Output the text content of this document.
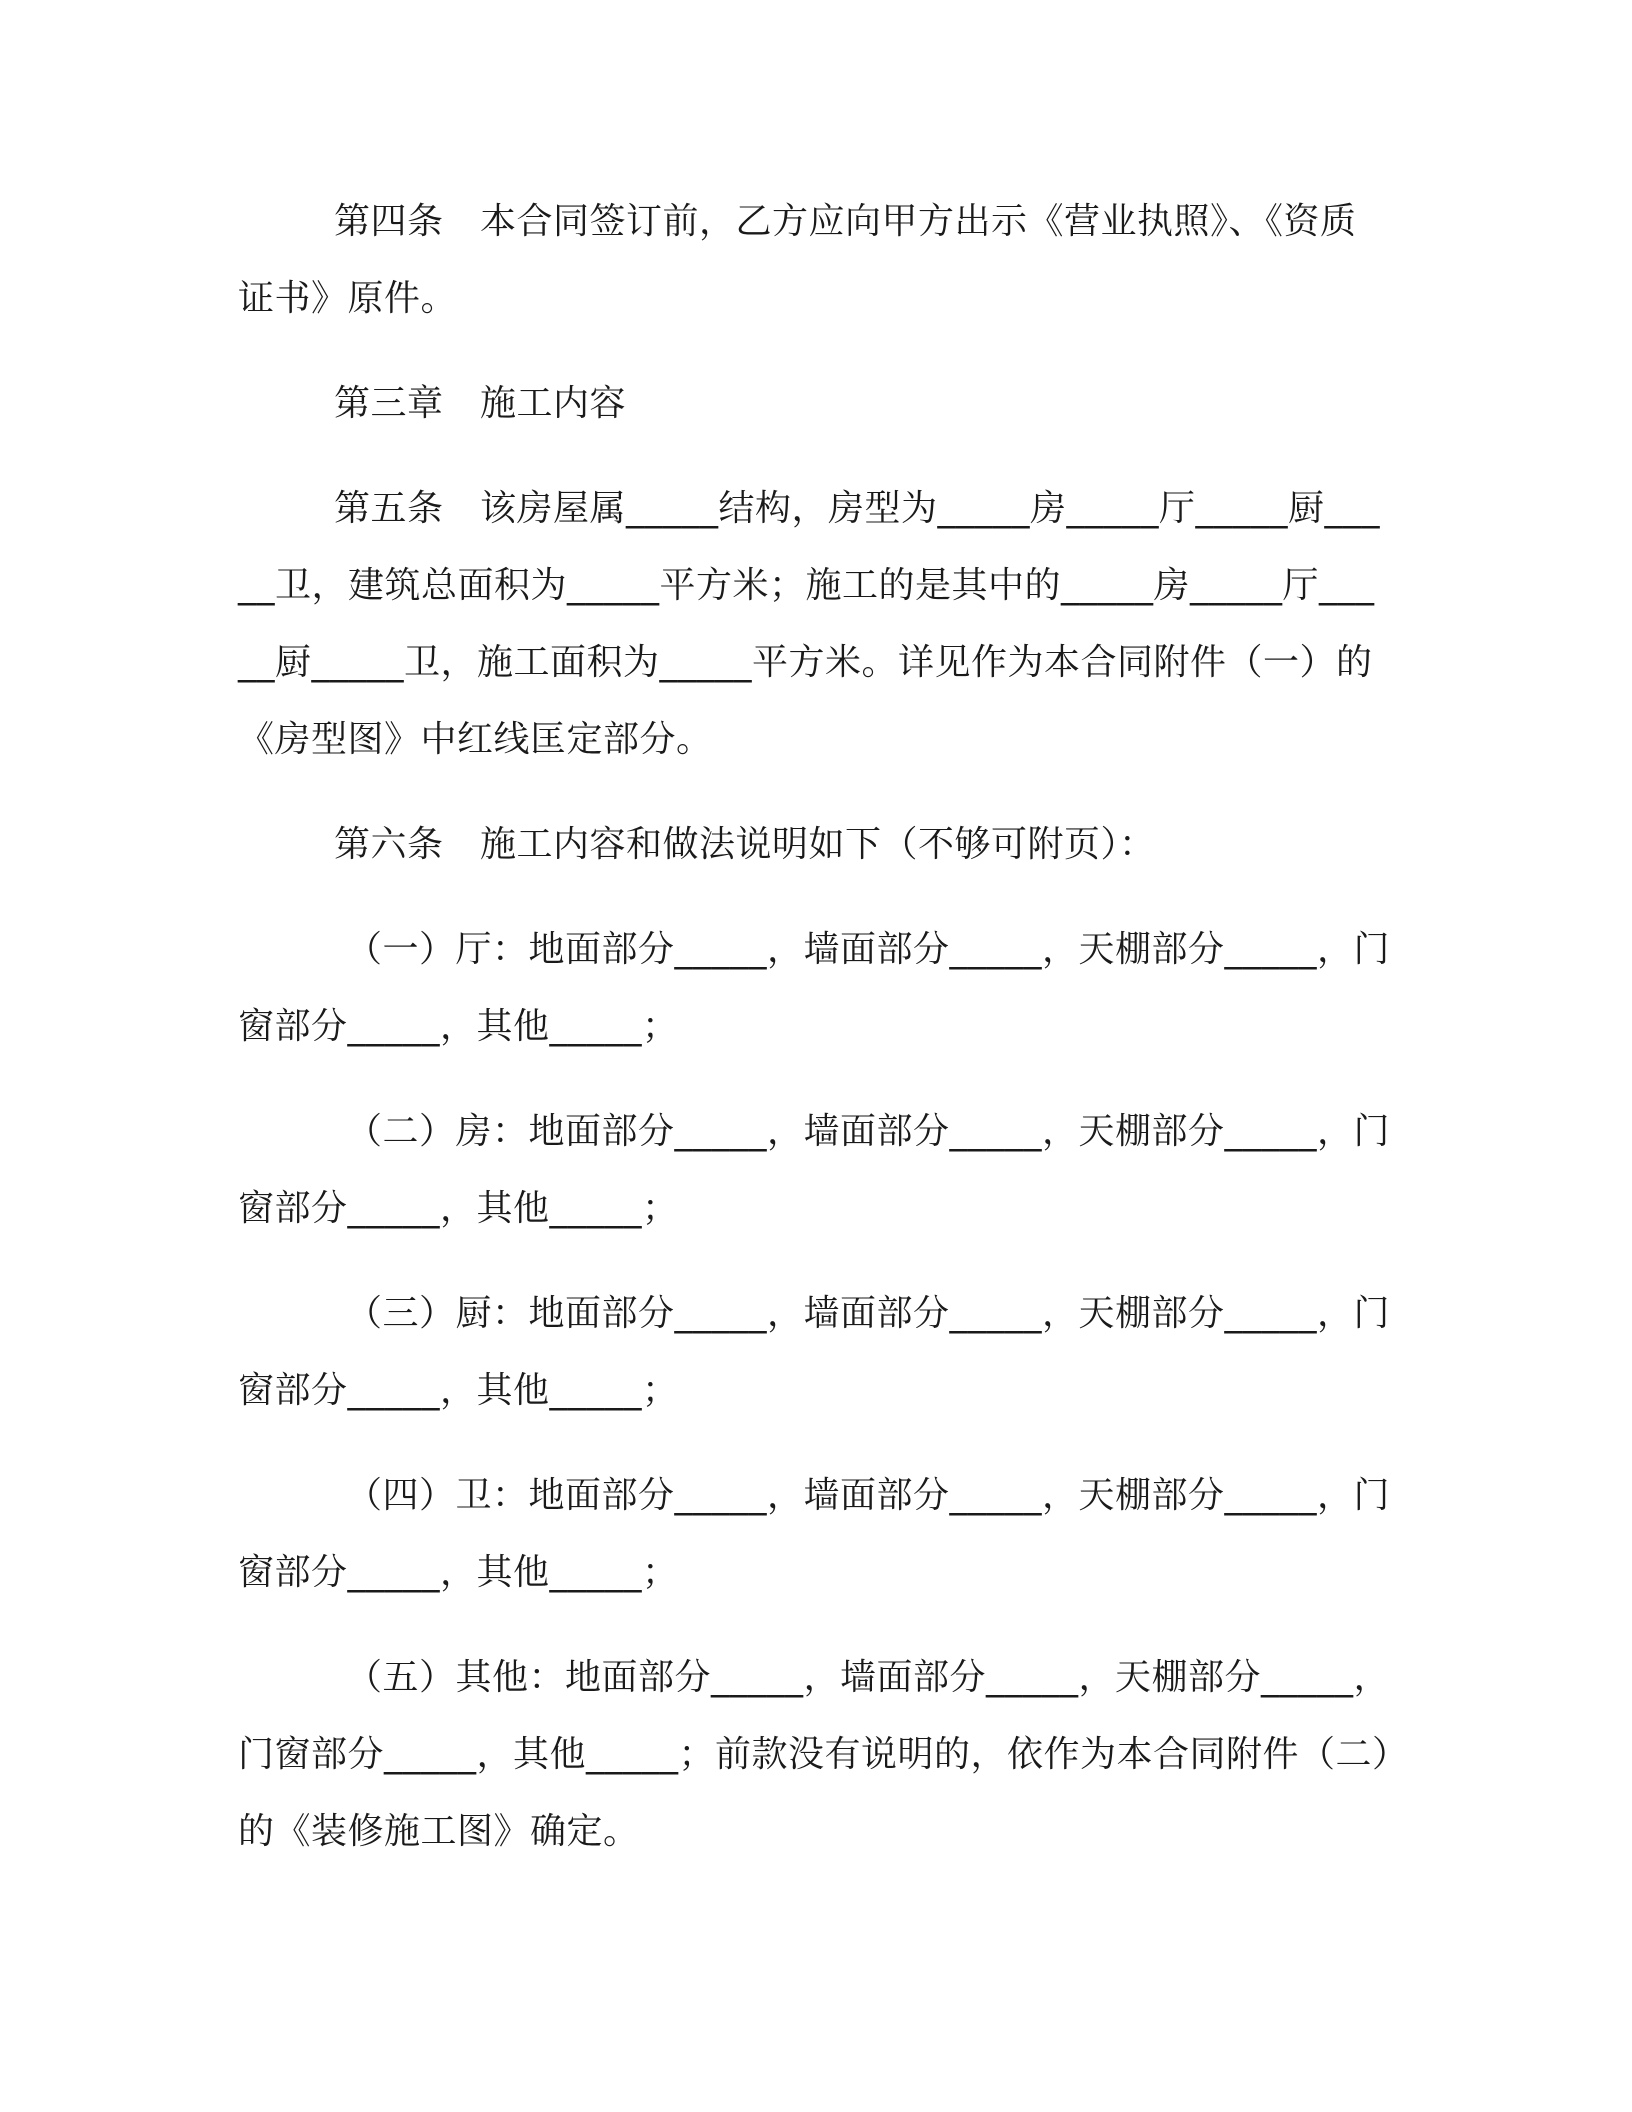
第四条　本合同签订前，乙方应向甲方出示《营业执照》、《资质证书》原件。

第三章　施工内容

第五条　该房屋属_____结构，房型为_____房_____厅_____厨_____卫，建筑总面积为_____平方米；施工的是其中的_____房_____厅_____厨_____卫，施工面积为_____平方米。详见作为本合同附件（一）的《房型图》中红线匡定部分。

第六条　施工内容和做法说明如下（不够可附页）：

（一）厅：地面部分_____，墙面部分_____，天棚部分_____，门窗部分_____，其他_____；

（二）房：地面部分_____，墙面部分_____，天棚部分_____，门窗部分_____，其他_____；

（三）厨：地面部分_____，墙面部分_____，天棚部分_____，门窗部分_____，其他_____；

（四）卫：地面部分_____，墙面部分_____，天棚部分_____，门窗部分_____，其他_____；

（五）其他：地面部分_____，墙面部分_____，天棚部分_____，门窗部分_____，其他_____；前款没有说明的，依作为本合同附件（二）的《装修施工图》确定。
